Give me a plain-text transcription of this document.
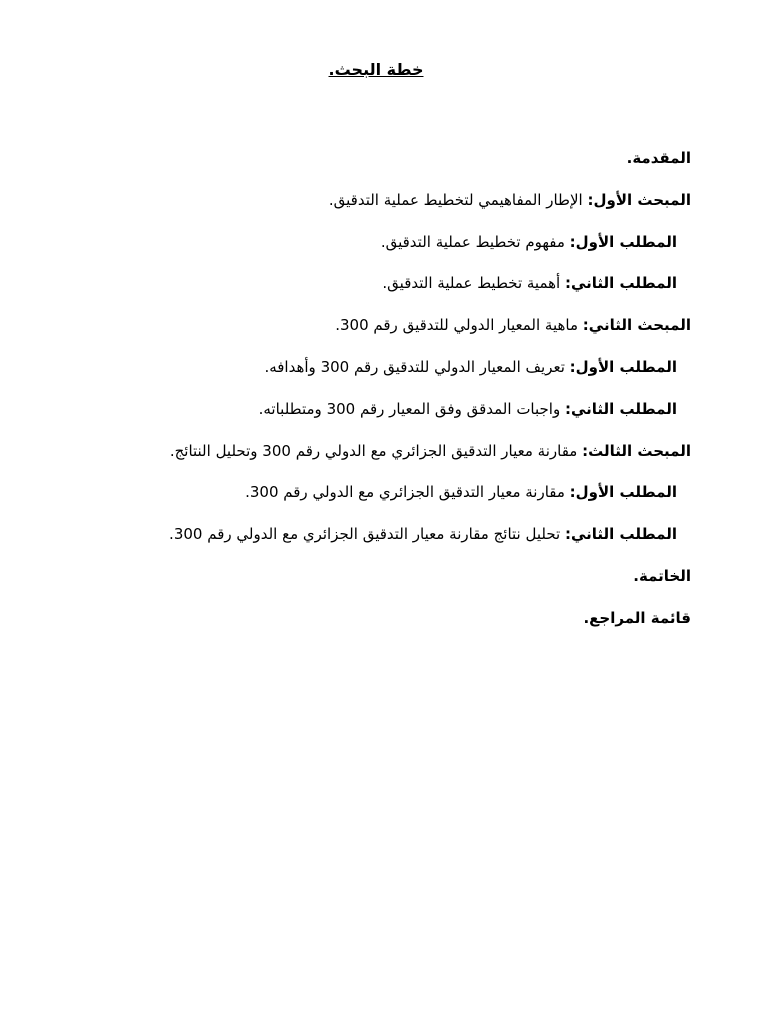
خطة البحث.
المقدمة.
المبحث الأول: الإطار المفاهيمي لتخطيط عملية التدقيق.
المطلب الأول: مفهوم تخطيط عملية التدقيق.
المطلب الثاني: أهمية تخطيط عملية التدقيق.
المبحث الثاني: ماهية المعيار الدولي للتدقيق رقم 300.
المطلب الأول: تعريف المعيار الدولي للتدقيق رقم 300 وأهدافه.
المطلب الثاني: واجبات المدقق وفق المعيار رقم 300 ومتطلباته.
المبحث الثالث: مقارنة معيار التدقيق الجزائري مع الدولي رقم 300 وتحليل النتائج.
المطلب الأول: مقارنة معيار التدقيق الجزائري مع الدولي رقم 300.
المطلب الثاني: تحليل نتائج مقارنة معيار التدقيق الجزائري مع الدولي رقم 300.
الخاتمة.
قائمة المراجع.
